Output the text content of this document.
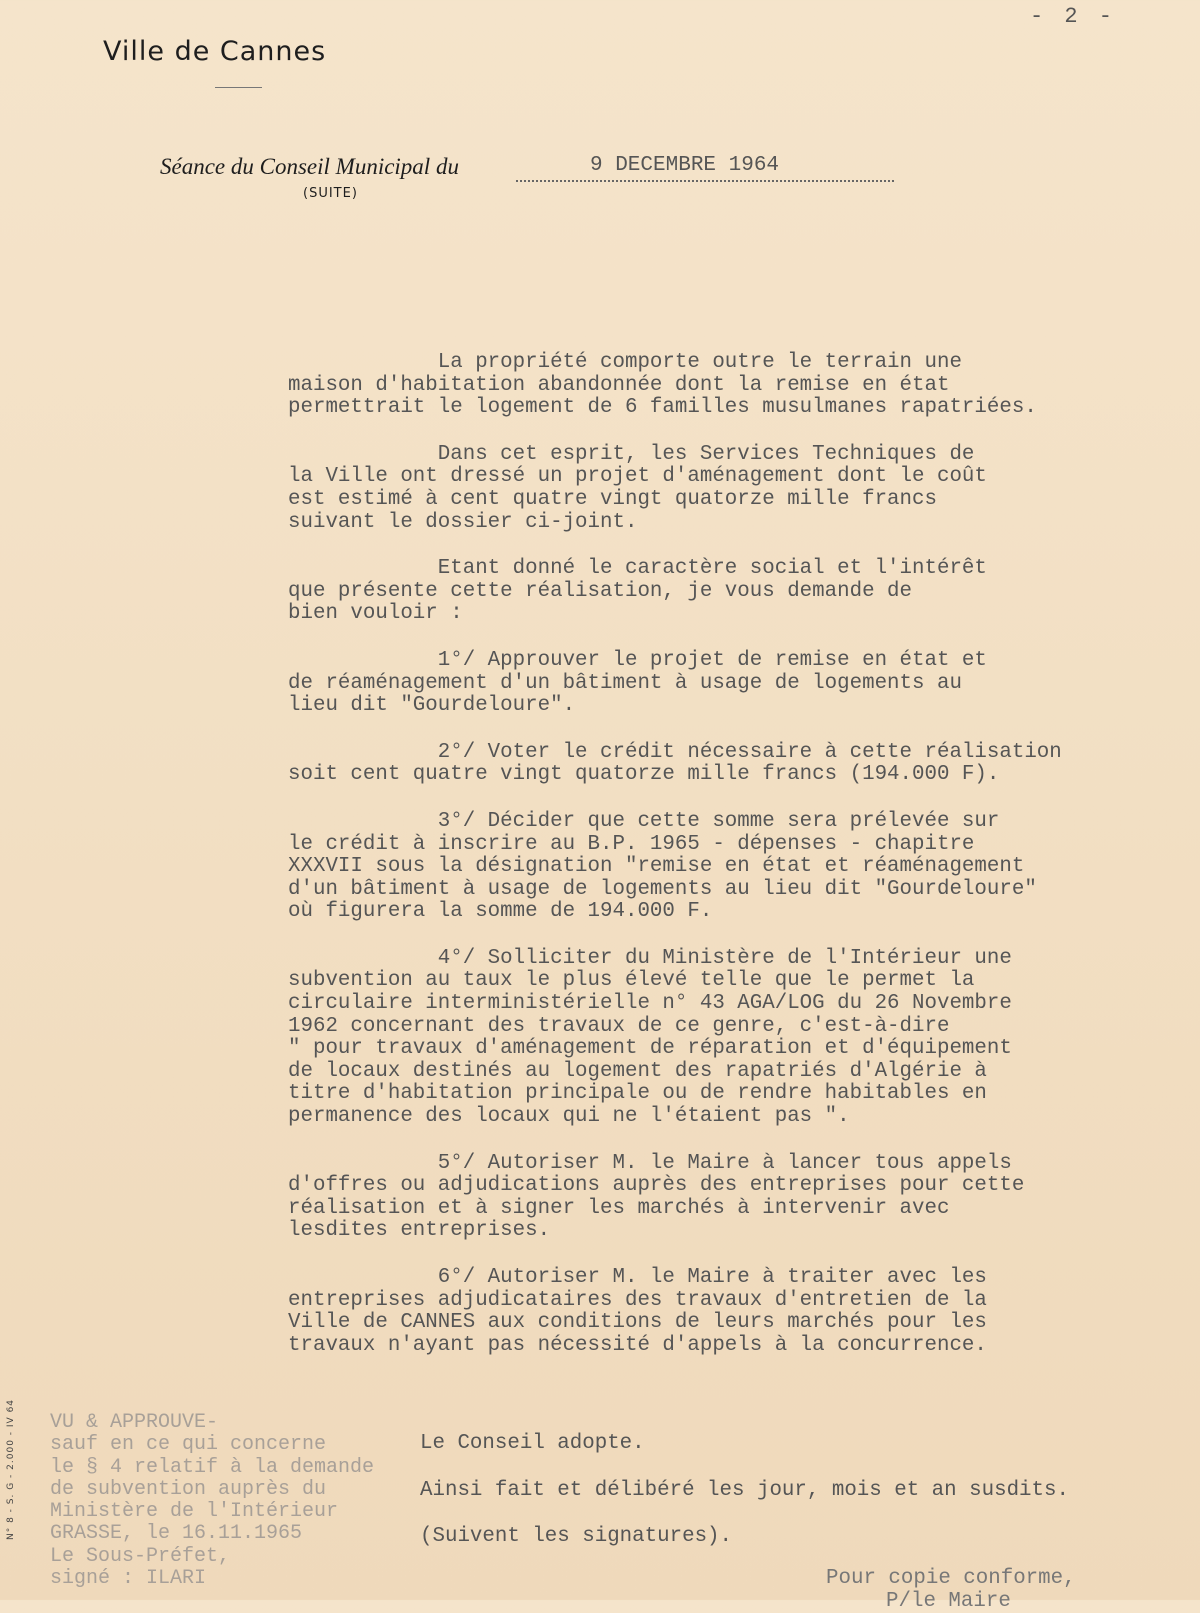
- 2 -
Ville de Cannes
Séance du Conseil Municipal du	9 DECEMBRE 1964
(SUITE)
La propriété comporte outre le terrain une
maison d'habitation abandonnée dont la remise en état
permettrait le logement de 6 familles musulmanes rapatriées.
Dans cet esprit, les Services Techniques de
la Ville ont dressé un projet d'aménagement dont le coût
est estimé à cent quatre vingt quatorze mille francs
suivant le dossier ci-joint.
Etant donné le caractère social et l'intérêt
que présente cette réalisation, je vous demande de
bien vouloir :
1°/ Approuver le projet de remise en état et
de réaménagement d'un bâtiment à usage de logements au
lieu dit "Gourdeloure".
2°/ Voter le crédit nécessaire à cette réalisation
soit cent quatre vingt quatorze mille francs (194.000 F).
3°/ Décider que cette somme sera prélevée sur
le crédit à inscrire au B.P. 1965 - dépenses - chapitre
XXXVII sous la désignation "remise en état et réaménagement
d'un bâtiment à usage de logements au lieu dit "Gourdeloure"
où figurera la somme de 194.000 F.
4°/ Solliciter du Ministère de l'Intérieur une
subvention au taux le plus élevé telle que le permet la
circulaire interministérielle n° 43 AGA/LOG du 26 Novembre
1962 concernant des travaux de ce genre, c'est-à-dire
" pour travaux d'aménagement de réparation et d'équipement
de locaux destinés au logement des rapatriés d'Algérie à
titre d'habitation principale ou de rendre habitables en
permanence des locaux qui ne l'étaient pas ".
5°/ Autoriser M. le Maire à lancer tous appels
d'offres ou adjudications auprès des entreprises pour cette
réalisation et à signer les marchés à intervenir avec
lesdites entreprises.
6°/ Autoriser M. le Maire à traiter avec les
entreprises adjudicataires des travaux d'entretien de la
Ville de CANNES aux conditions de leurs marchés pour les
travaux n'ayant pas nécessité d'appels à la concurrence.
VU & APPROUVE-
sauf en ce qui concerne
le § 4 relatif à la demande
de subvention auprès du
Ministère de l'Intérieur
GRASSE, le 16.11.1965
Le Sous-Préfet,
signé : ILARI
N° 8 - S. G - 2.000 - IV 64	Le Conseil adopte.
Ainsi fait et délibéré les jour, mois et an susdits.
(Suivent les signatures).
Pour copie conforme,
P/le Maire
